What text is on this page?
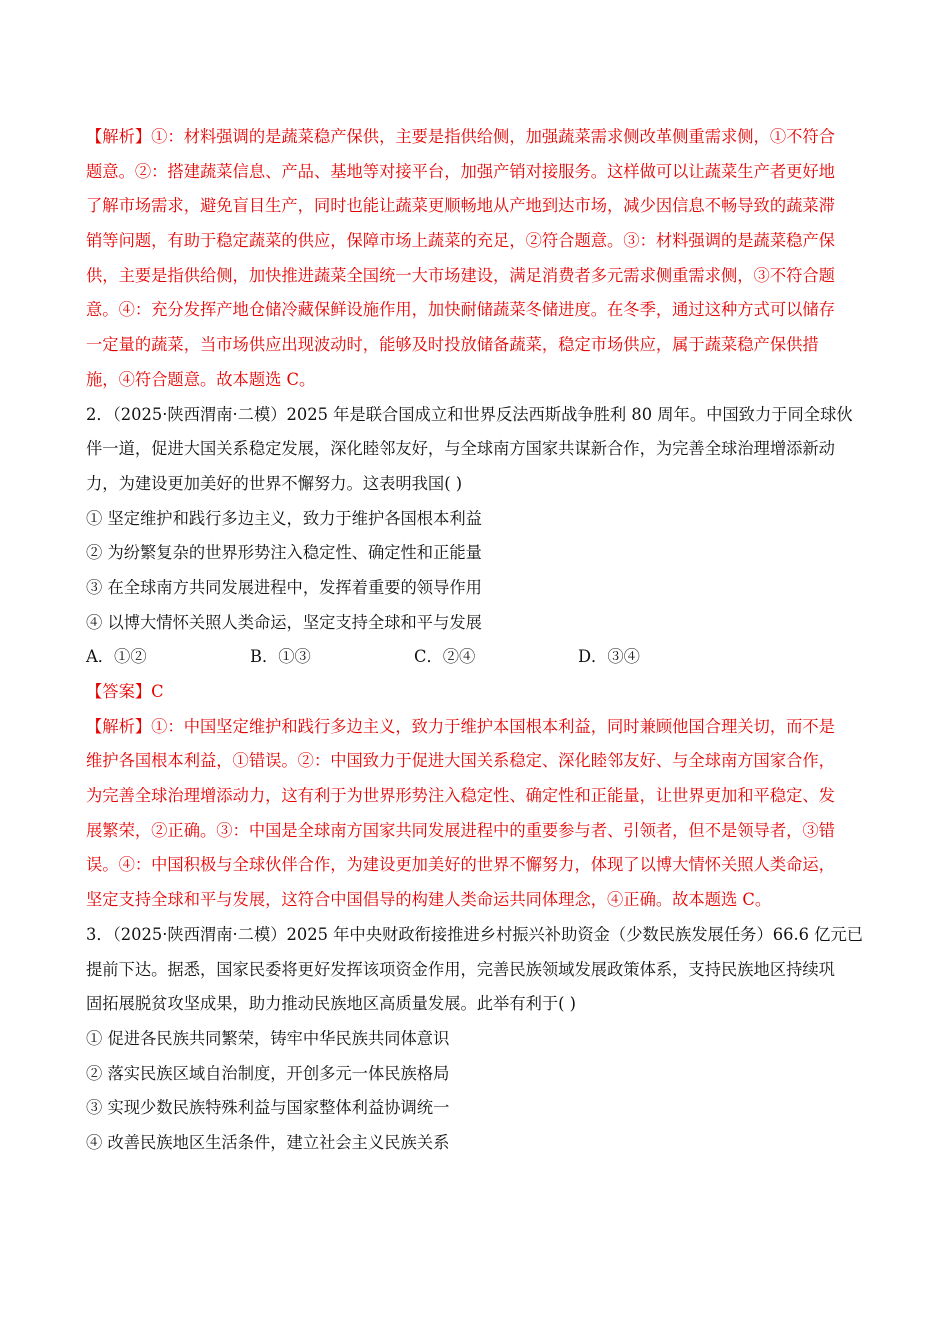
【解析】①：材料强调的是蔬菜稳产保供，主要是指供给侧，加强蔬菜需求侧改革侧重需求侧，①不符合
题意。②：搭建蔬菜信息、产品、基地等对接平台，加强产销对接服务。这样做可以让蔬菜生产者更好地
了解市场需求，避免盲目生产，同时也能让蔬菜更顺畅地从产地到达市场，减少因信息不畅导致的蔬菜滞
销等问题，有助于稳定蔬菜的供应，保障市场上蔬菜的充足，②符合题意。③：材料强调的是蔬菜稳产保
供，主要是指供给侧，加快推进蔬菜全国统一大市场建设，满足消费者多元需求侧重需求侧，③不符合题
意。④：充分发挥产地仓储冷藏保鲜设施作用，加快耐储蔬菜冬储进度。在冬季，通过这种方式可以储存
一定量的蔬菜，当市场供应出现波动时，能够及时投放储备蔬菜，稳定市场供应，属于蔬菜稳产保供措
施，④符合题意。故本题选 C。
2．（2025·陕西渭南·二模）2025 年是联合国成立和世界反法西斯战争胜利 80 周年。中国致力于同全球伙
伴一道，促进大国关系稳定发展，深化睦邻友好，与全球南方国家共谋新合作，为完善全球治理增添新动
力，为建设更加美好的世界不懈努力。这表明我国( )
① 坚定维护和践行多边主义，致力于维护各国根本利益
② 为纷繁复杂的世界形势注入稳定性、确定性和正能量
③ 在全球南方共同发展进程中，发挥着重要的领导作用
④ 以博大情怀关照人类命运，坚定支持全球和平与发展
A．①②	B．①③	C．②④	D．③④
【答案】C
【解析】①：中国坚定维护和践行多边主义，致力于维护本国根本利益，同时兼顾他国合理关切，而不是
维护各国根本利益，①错误。②：中国致力于促进大国关系稳定、深化睦邻友好、与全球南方国家合作，
为完善全球治理增添动力，这有利于为世界形势注入稳定性、确定性和正能量，让世界更加和平稳定、发
展繁荣，②正确。③：中国是全球南方国家共同发展进程中的重要参与者、引领者，但不是领导者，③错
误。④：中国积极与全球伙伴合作，为建设更加美好的世界不懈努力，体现了以博大情怀关照人类命运，
坚定支持全球和平与发展，这符合中国倡导的构建人类命运共同体理念，④正确。故本题选 C。
3．（2025·陕西渭南·二模）2025 年中央财政衔接推进乡村振兴补助资金（少数民族发展任务）66.6 亿元已
提前下达。据悉，国家民委将更好发挥该项资金作用，完善民族领域发展政策体系，支持民族地区持续巩
固拓展脱贫攻坚成果，助力推动民族地区高质量发展。此举有利于( )
① 促进各民族共同繁荣，铸牢中华民族共同体意识
② 落实民族区域自治制度，开创多元一体民族格局
③ 实现少数民族特殊利益与国家整体利益协调统一
④ 改善民族地区生活条件，建立社会主义民族关系
